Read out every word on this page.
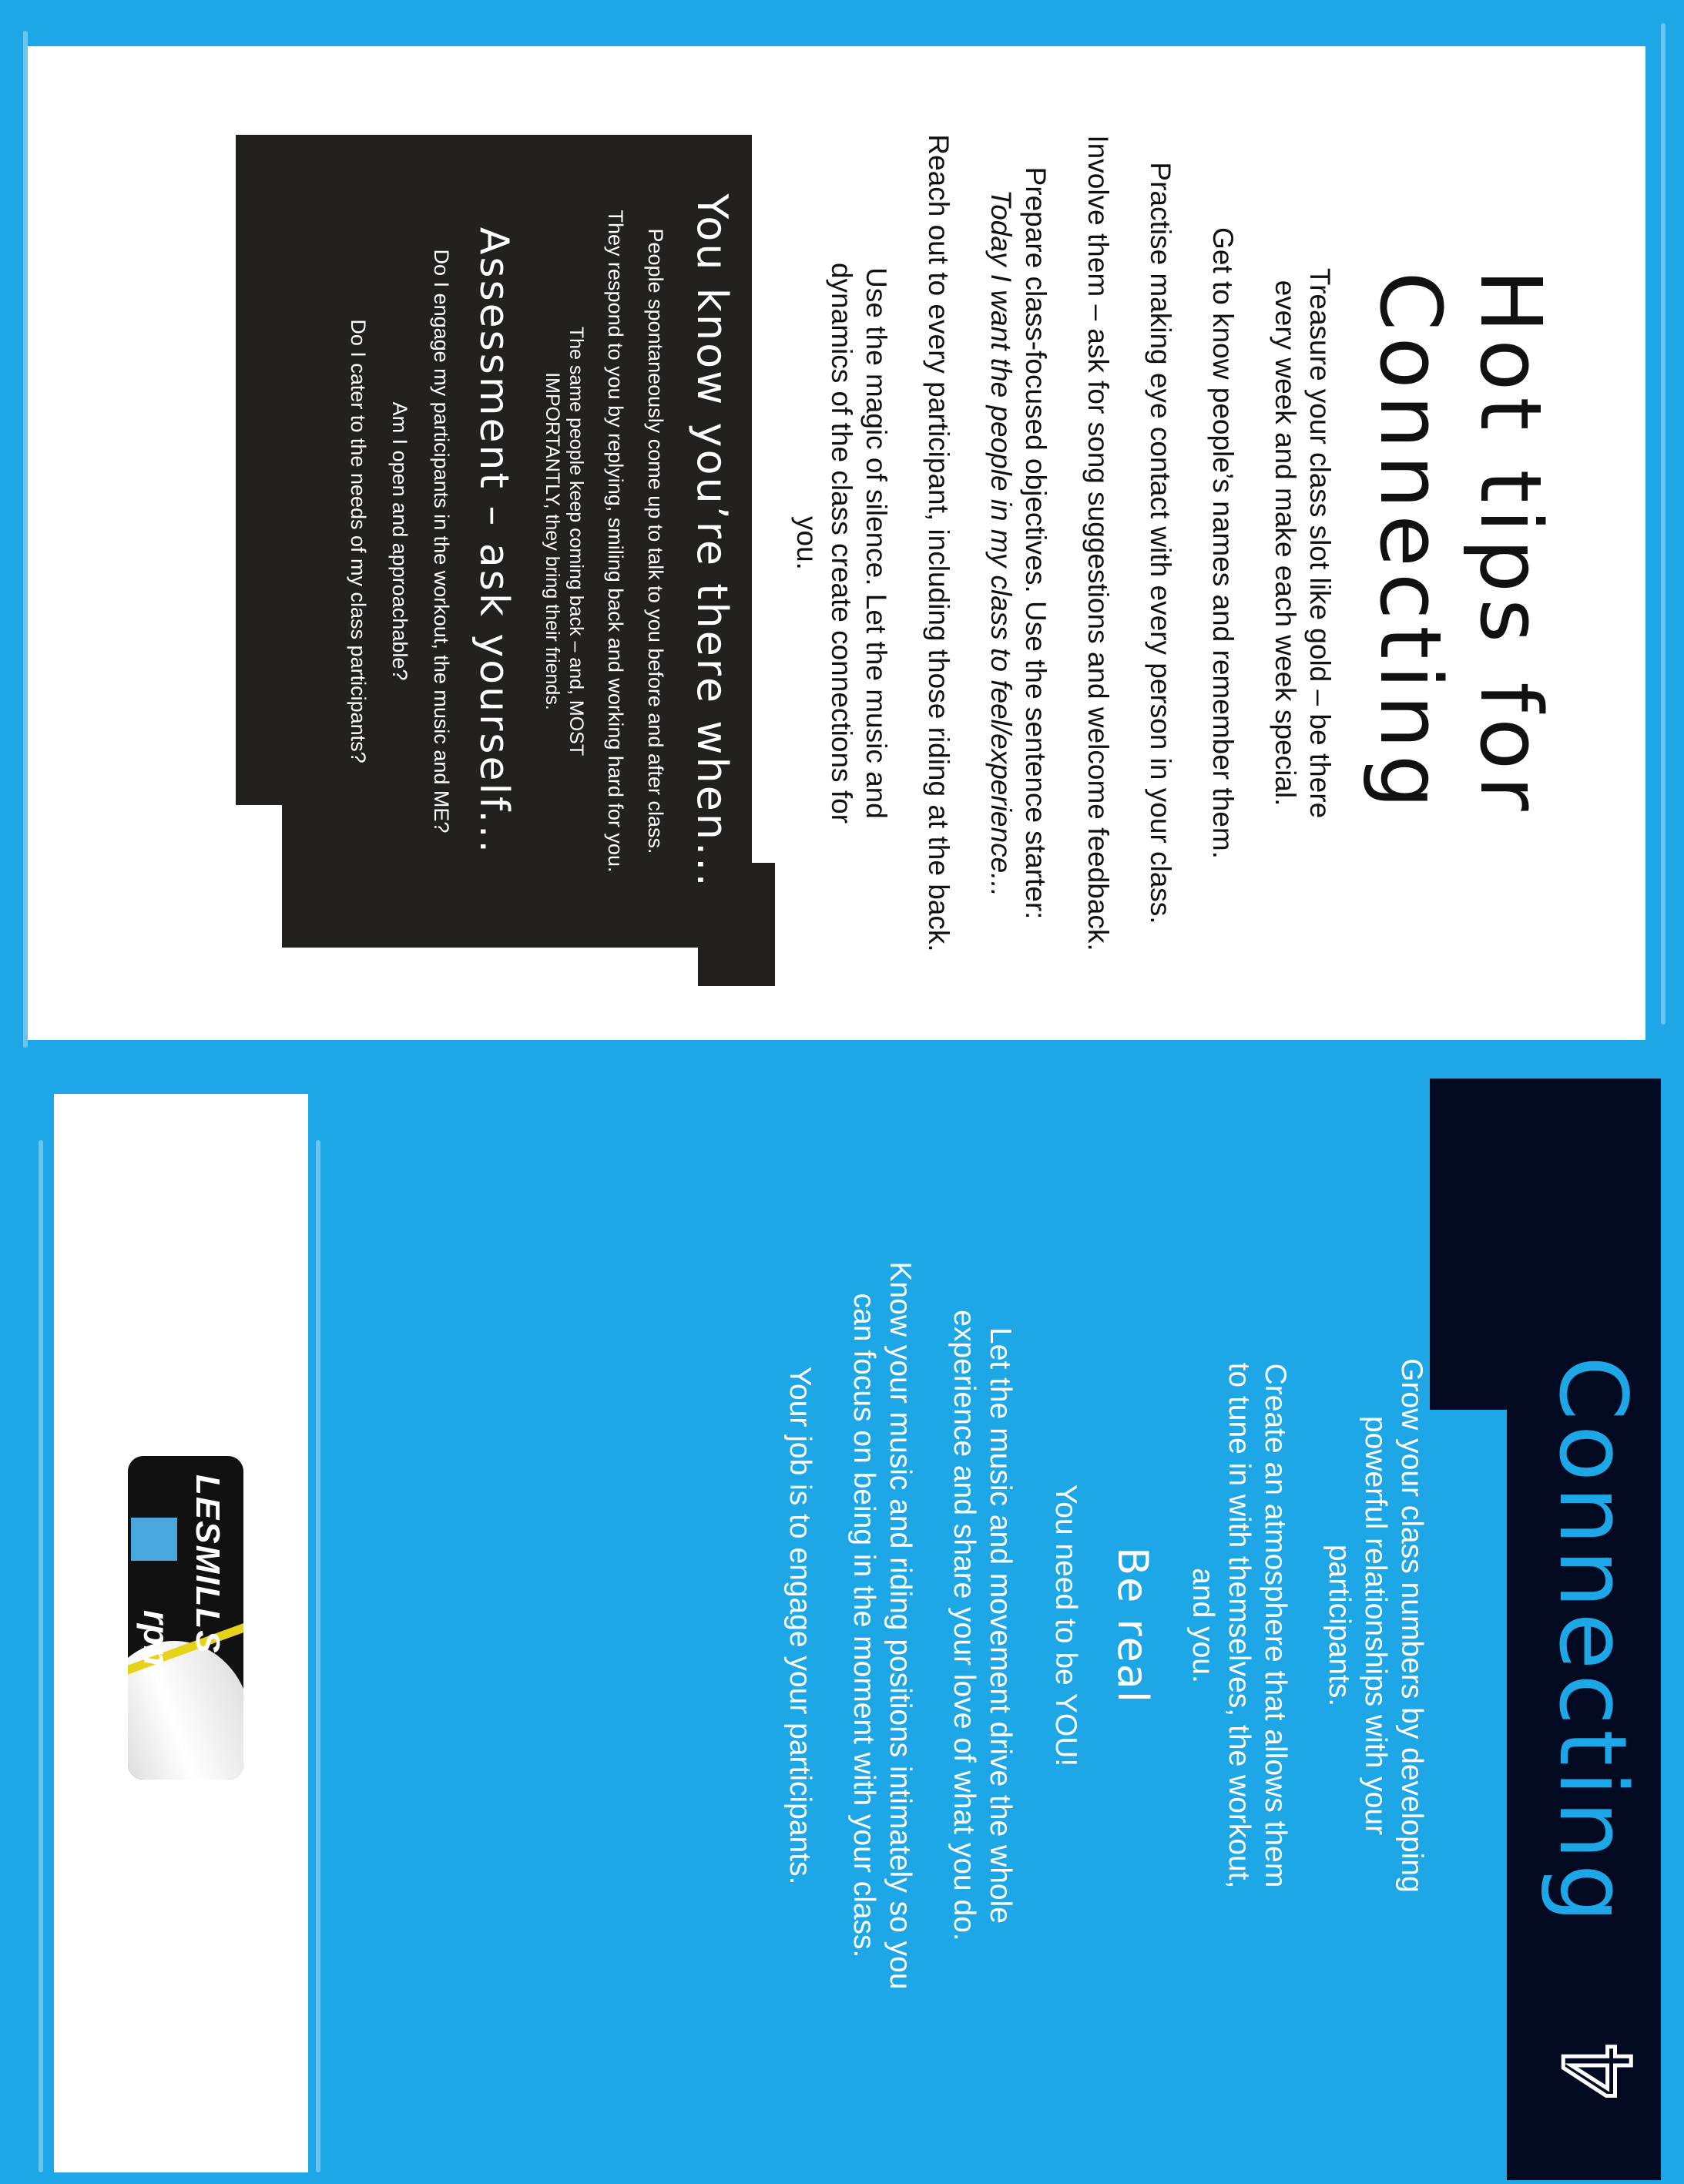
LESMILLS
rpm
4
Connecting

Grow your class numbers by developing powerful relationships with your participants.

Create an atmosphere that allows them to tune in with themselves, the workout, and you.

Be real

You need to be YOU!

Let the music and movement drive the whole experience and share your love of what you do.

Know your music and riding positions intimately so you can focus on being in the moment with your class.

Your job is to engage your participants.

Hot tips for
Connecting

Treasure your class slot like gold – be there every week and make each week special.

Get to know people’s names and remember them.

Practise making eye contact with every person in your class.

Involve them – ask for song suggestions and welcome feedback.

Prepare class-focused objectives. Use the sentence starter:

Today I want the people in my class to feel/experience...

Reach out to every participant, including those riding at the back.

Use the magic of silence. Let the music and dynamics of the class create connections for you.

You know you’re there when...

People spontaneously come up to talk to you before and after class.

They respond to you by replying, smiling back and working hard for you.

The same people keep coming back – and, MOST IMPORTANTLY, they bring their friends.

Assessment – ask yourself...

Do I engage my participants in the workout, the music and ME?

Am I open and approachable?

Do I cater to the needs of my class participants?
